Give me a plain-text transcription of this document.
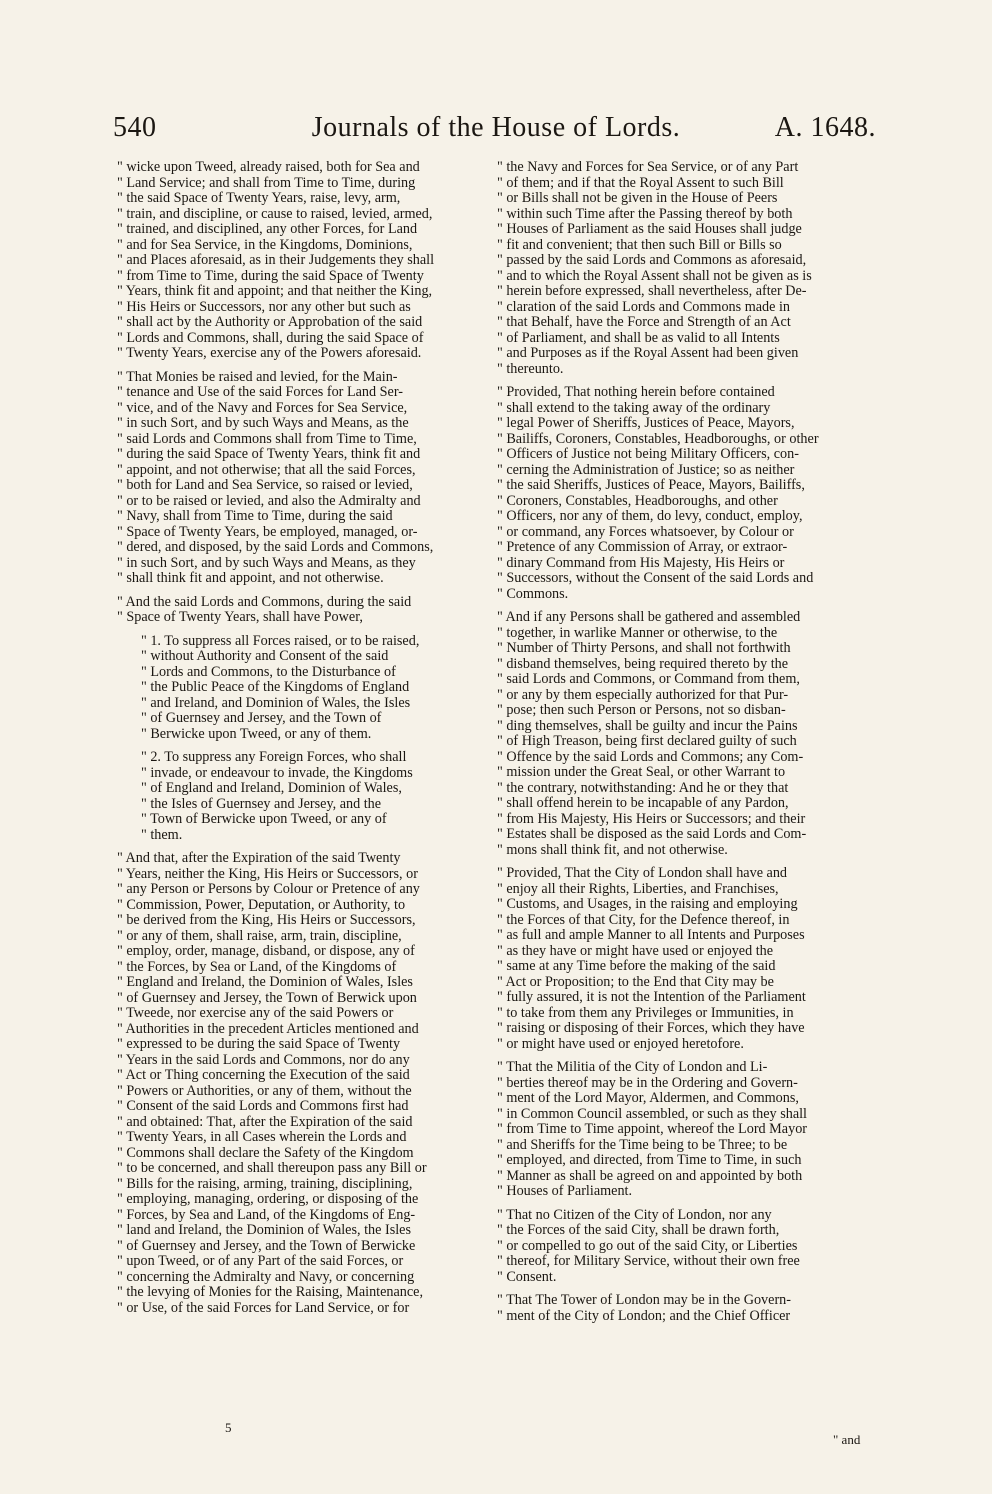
540	Journals of the House of Lords.	A. 1648.

" wicke upon Tweed, already raised, both for Sea and
" Land Service; and shall from Time to Time, during
" the said Space of Twenty Years, raise, levy, arm,
" train, and discipline, or cause to raised, levied, armed,
" trained, and disciplined, any other Forces, for Land
" and for Sea Service, in the Kingdoms, Dominions,
" and Places aforesaid, as in their Judgements they shall
" from Time to Time, during the said Space of Twenty
" Years, think fit and appoint; and that neither the King,
" His Heirs or Successors, nor any other but such as
" shall act by the Authority or Approbation of the said
" Lords and Commons, shall, during the said Space of
" Twenty Years, exercise any of the Powers aforesaid.

" That Monies be raised and levied, for the Main-
" tenance and Use of the said Forces for Land Ser-
" vice, and of the Navy and Forces for Sea Service,
" in such Sort, and by such Ways and Means, as the
" said Lords and Commons shall from Time to Time,
" during the said Space of Twenty Years, think fit and
" appoint, and not otherwise; that all the said Forces,
" both for Land and Sea Service, so raised or levied,
" or to be raised or levied, and also the Admiralty and
" Navy, shall from Time to Time, during the said
" Space of Twenty Years, be employed, managed, or-
" dered, and disposed, by the said Lords and Commons,
" in such Sort, and by such Ways and Means, as they
" shall think fit and appoint, and not otherwise.

" And the said Lords and Commons, during the said
" Space of Twenty Years, shall have Power,

" 1. To suppress all Forces raised, or to be raised,
" without Authority and Consent of the said
" Lords and Commons, to the Disturbance of
" the Public Peace of the Kingdoms of England
" and Ireland, and Dominion of Wales, the Isles
" of Guernsey and Jersey, and the Town of
" Berwicke upon Tweed, or any of them.

" 2. To suppress any Foreign Forces, who shall
" invade, or endeavour to invade, the Kingdoms
" of England and Ireland, Dominion of Wales,
" the Isles of Guernsey and Jersey, and the
" Town of Berwicke upon Tweed, or any of
" them.

" And that, after the Expiration of the said Twenty
" Years, neither the King, His Heirs or Successors, or
" any Person or Persons by Colour or Pretence of any
" Commission, Power, Deputation, or Authority, to
" be derived from the King, His Heirs or Successors,
" or any of them, shall raise, arm, train, discipline,
" employ, order, manage, disband, or dispose, any of
" the Forces, by Sea or Land, of the Kingdoms of
" England and Ireland, the Dominion of Wales, Isles
" of Guernsey and Jersey, the Town of Berwick upon
" Tweede, nor exercise any of the said Powers or
" Authorities in the precedent Articles mentioned and
" expressed to be during the said Space of Twenty
" Years in the said Lords and Commons, nor do any
" Act or Thing concerning the Execution of the said
" Powers or Authorities, or any of them, without the
" Consent of the said Lords and Commons first had
" and obtained: That, after the Expiration of the said
" Twenty Years, in all Cases wherein the Lords and
" Commons shall declare the Safety of the Kingdom
" to be concerned, and shall thereupon pass any Bill or
" Bills for the raising, arming, training, disciplining,
" employing, managing, ordering, or disposing of the
" Forces, by Sea and Land, of the Kingdoms of Eng-
" land and Ireland, the Dominion of Wales, the Isles
" of Guernsey and Jersey, and the Town of Berwicke
" upon Tweed, or of any Part of the said Forces, or
" concerning the Admiralty and Navy, or concerning
" the levying of Monies for the Raising, Maintenance,
" or Use, of the said Forces for Land Service, or for

" the Navy and Forces for Sea Service, or of any Part
" of them; and if that the Royal Assent to such Bill
" or Bills shall not be given in the House of Peers
" within such Time after the Passing thereof by both
" Houses of Parliament as the said Houses shall judge
" fit and convenient; that then such Bill or Bills so
" passed by the said Lords and Commons as aforesaid,
" and to which the Royal Assent shall not be given as is
" herein before expressed, shall nevertheless, after De-
" claration of the said Lords and Commons made in
" that Behalf, have the Force and Strength of an Act
" of Parliament, and shall be as valid to all Intents
" and Purposes as if the Royal Assent had been given
" thereunto.

" Provided, That nothing herein before contained
" shall extend to the taking away of the ordinary
" legal Power of Sheriffs, Justices of Peace, Mayors,
" Bailiffs, Coroners, Constables, Headboroughs, or other
" Officers of Justice not being Military Officers, con-
" cerning the Administration of Justice; so as neither
" the said Sheriffs, Justices of Peace, Mayors, Bailiffs,
" Coroners, Constables, Headboroughs, and other
" Officers, nor any of them, do levy, conduct, employ,
" or command, any Forces whatsoever, by Colour or
" Pretence of any Commission of Array, or extraor-
" dinary Command from His Majesty, His Heirs or
" Successors, without the Consent of the said Lords and
" Commons.

" And if any Persons shall be gathered and assembled
" together, in warlike Manner or otherwise, to the
" Number of Thirty Persons, and shall not forthwith
" disband themselves, being required thereto by the
" said Lords and Commons, or Command from them,
" or any by them especially authorized for that Pur-
" pose; then such Person or Persons, not so disban-
" ding themselves, shall be guilty and incur the Pains
" of High Treason, being first declared guilty of such
" Offence by the said Lords and Commons; any Com-
" mission under the Great Seal, or other Warrant to
" the contrary, notwithstanding: And he or they that
" shall offend herein to be incapable of any Pardon,
" from His Majesty, His Heirs or Successors; and their
" Estates shall be disposed as the said Lords and Com-
" mons shall think fit, and not otherwise.

" Provided, That the City of London shall have and
" enjoy all their Rights, Liberties, and Franchises,
" Customs, and Usages, in the raising and employing
" the Forces of that City, for the Defence thereof, in
" as full and ample Manner to all Intents and Purposes
" as they have or might have used or enjoyed the
" same at any Time before the making of the said
" Act or Proposition; to the End that City may be
" fully assured, it is not the Intention of the Parliament
" to take from them any Privileges or Immunities, in
" raising or disposing of their Forces, which they have
" or might have used or enjoyed heretofore.

" That the Militia of the City of London and Li-
" berties thereof may be in the Ordering and Govern-
" ment of the Lord Mayor, Aldermen, and Commons,
" in Common Council assembled, or such as they shall
" from Time to Time appoint, whereof the Lord Mayor
" and Sheriffs for the Time being to be Three; to be
" employed, and directed, from Time to Time, in such
" Manner as shall be agreed on and appointed by both
" Houses of Parliament.

" That no Citizen of the City of London, nor any
" the Forces of the said City, shall be drawn forth,
" or compelled to go out of the said City, or Liberties
" thereof, for Military Service, without their own free
" Consent.

" That The Tower of London may be in the Govern-
" ment of the City of London; and the Chief Officer

5
" and
